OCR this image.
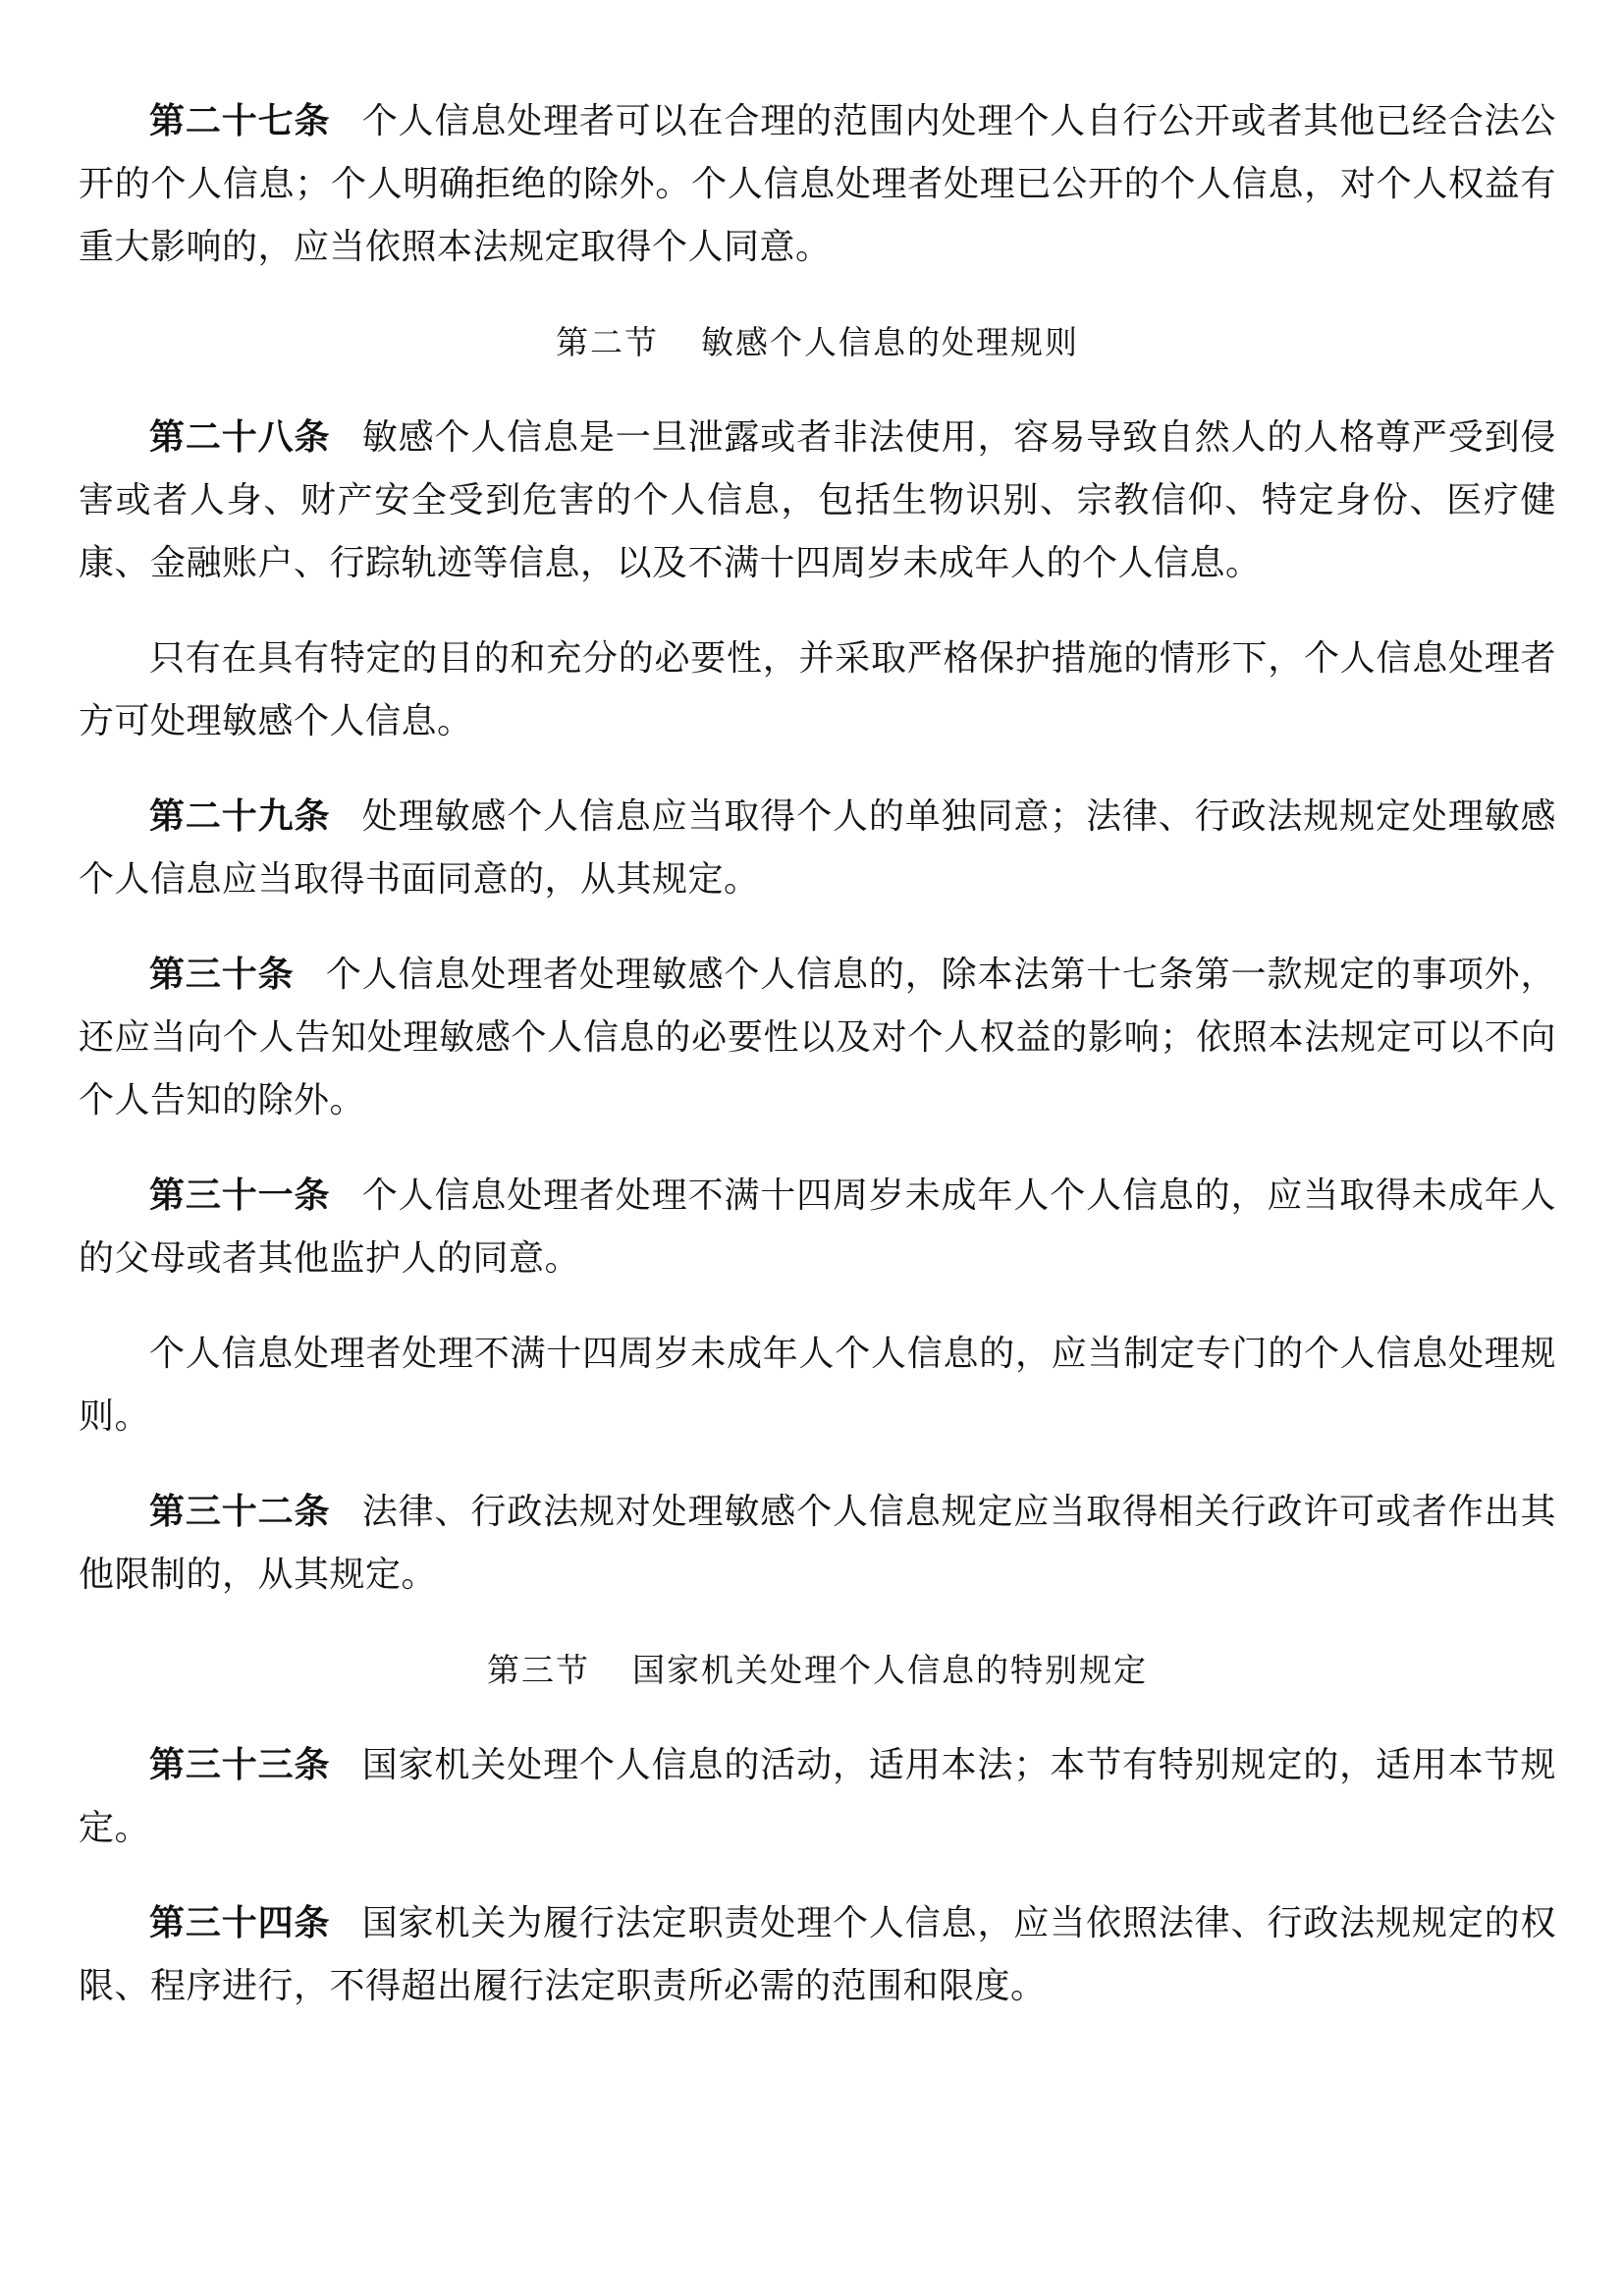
第二十七条 个人信息处理者可以在合理的范围内处理个人自行公开或者其他已经合法公开的个人信息；个人明确拒绝的除外。个人信息处理者处理已公开的个人信息，对个人权益有重大影响的，应当依照本法规定取得个人同意。

第二节 敏感个人信息的处理规则

第二十八条 敏感个人信息是一旦泄露或者非法使用，容易导致自然人的人格尊严受到侵害或者人身、财产安全受到危害的个人信息，包括生物识别、宗教信仰、特定身份、医疗健康、金融账户、行踪轨迹等信息，以及不满十四周岁未成年人的个人信息。

只有在具有特定的目的和充分的必要性，并采取严格保护措施的情形下，个人信息处理者方可处理敏感个人信息。

第二十九条 处理敏感个人信息应当取得个人的单独同意；法律、行政法规规定处理敏感个人信息应当取得书面同意的，从其规定。

第三十条 个人信息处理者处理敏感个人信息的，除本法第十七条第一款规定的事项外，还应当向个人告知处理敏感个人信息的必要性以及对个人权益的影响；依照本法规定可以不向个人告知的除外。

第三十一条 个人信息处理者处理不满十四周岁未成年人个人信息的，应当取得未成年人的父母或者其他监护人的同意。

个人信息处理者处理不满十四周岁未成年人个人信息的，应当制定专门的个人信息处理规则。

第三十二条 法律、行政法规对处理敏感个人信息规定应当取得相关行政许可或者作出其他限制的，从其规定。

第三节 国家机关处理个人信息的特别规定

第三十三条 国家机关处理个人信息的活动，适用本法；本节有特别规定的，适用本节规定。

第三十四条 国家机关为履行法定职责处理个人信息，应当依照法律、行政法规规定的权限、程序进行，不得超出履行法定职责所必需的范围和限度。
